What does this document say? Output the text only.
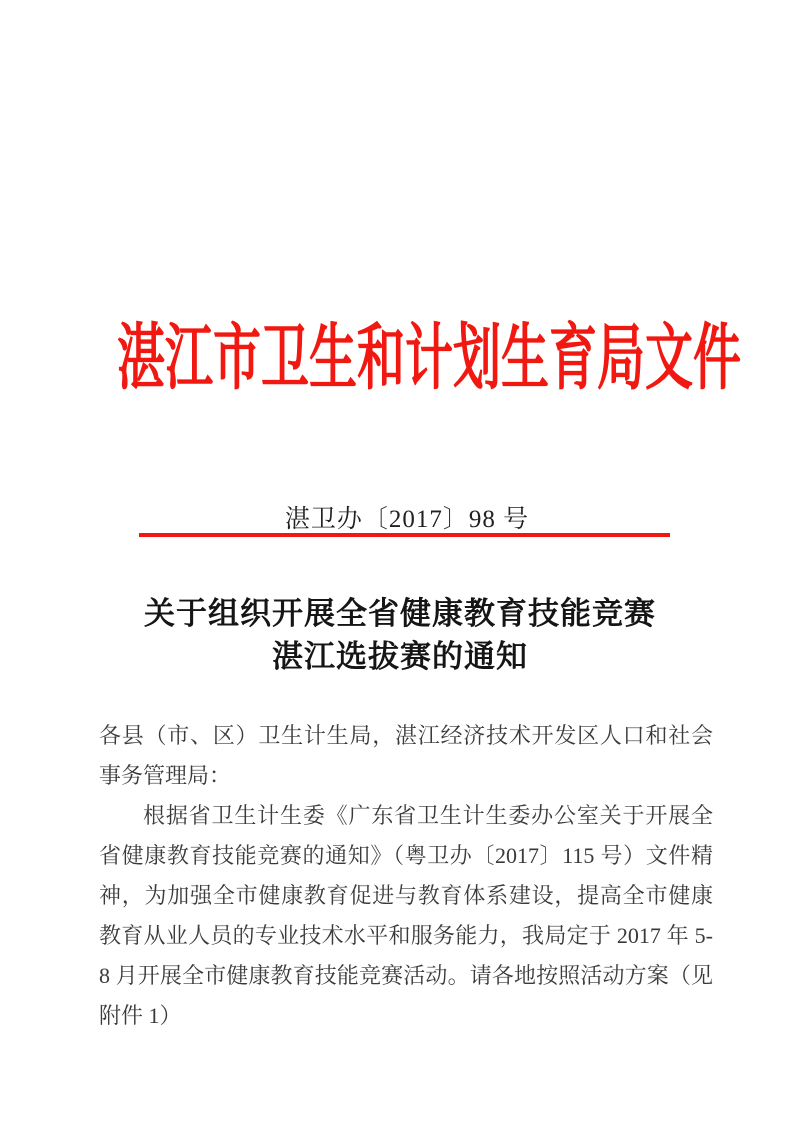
湛江市卫生和计划生育局文件
湛卫办〔2017〕98 号
关于组织开展全省健康教育技能竞赛
湛江选拔赛的通知

各县（市、区）卫生计生局，湛江经济技术开发区人口和社会事务管理局：

根据省卫生计生委《广东省卫生计生委办公室关于开展全省健康教育技能竞赛的通知》（粤卫办〔2017〕115 号）文件精神，为加强全市健康教育促进与教育体系建设，提高全市健康教育从业人员的专业技术水平和服务能力，我局定于 2017 年 5-8 月开展全市健康教育技能竞赛活动。请各地按照活动方案（见附件 1）
